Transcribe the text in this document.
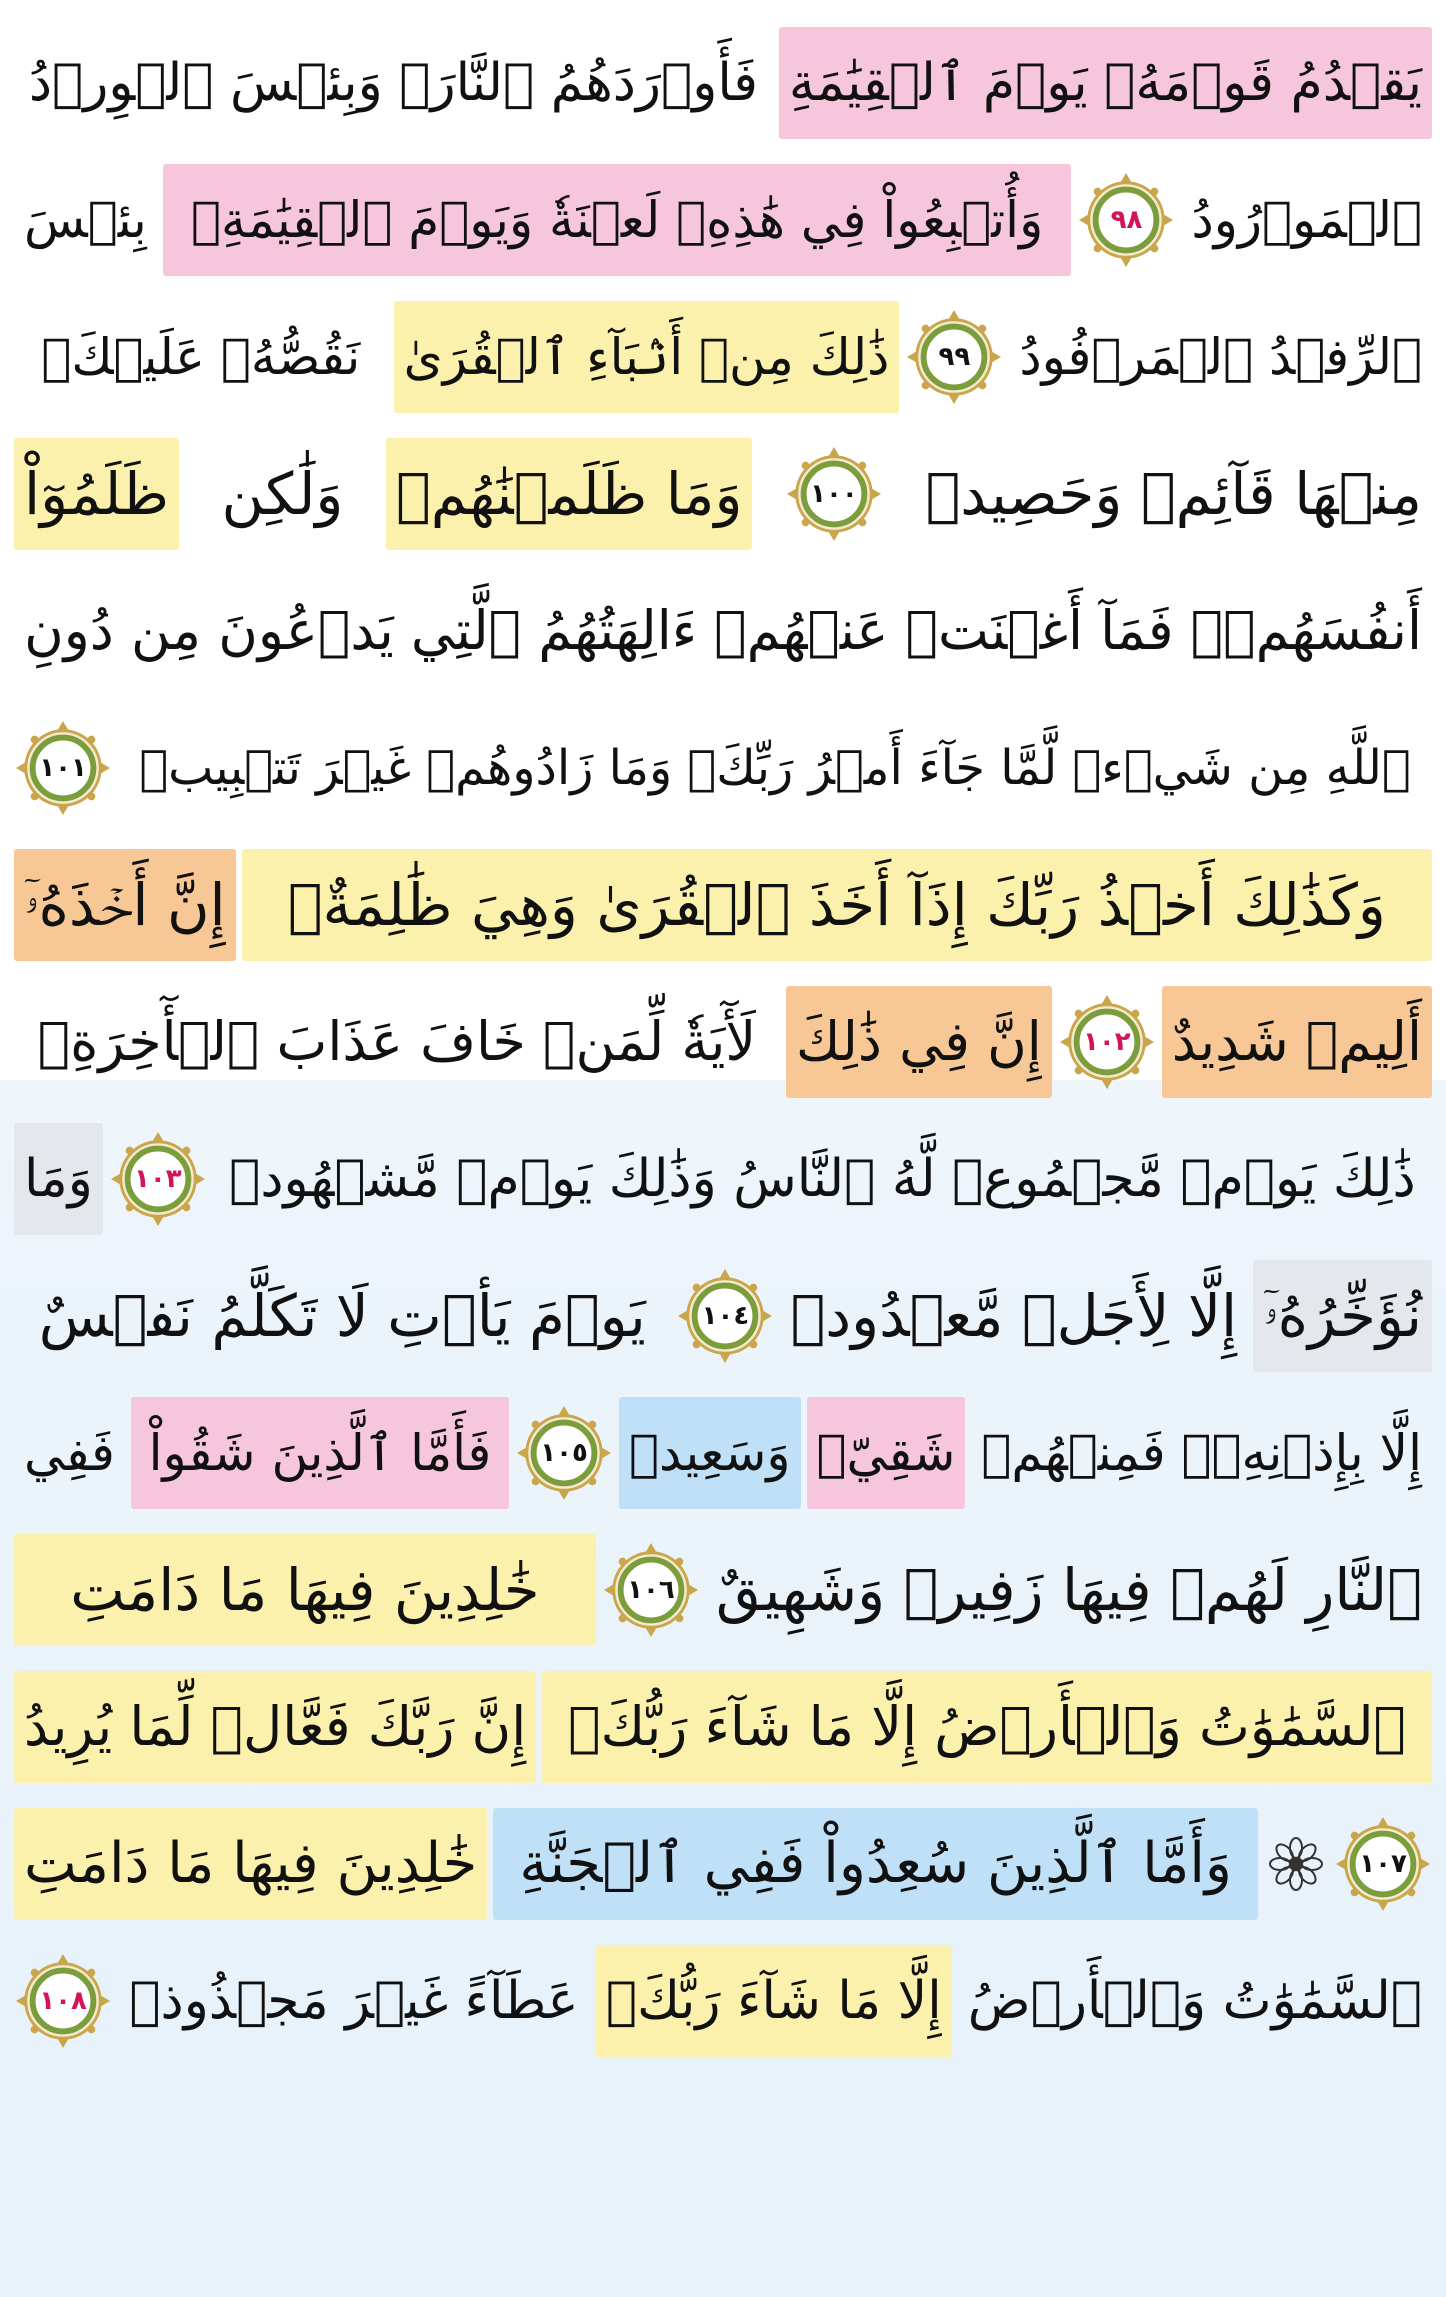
يَقۡدُمُ قَوۡمَهُۥ يَوۡمَ ٱلۡقِيَٰمَةِ
فَأَوۡرَدَهُمُ ٱلنَّارَۖ وَبِئۡسَ ٱلۡوِرۡدُ
ٱلۡمَوۡرُودُ
٩٨
وَأُتۡبِعُواْ فِي هَٰذِهِۦ لَعۡنَةٗ وَيَوۡمَ ٱلۡقِيَٰمَةِۚ
بِئۡسَ
ٱلرِّفۡدُ ٱلۡمَرۡفُودُ
٩٩
ذَٰلِكَ مِنۡ أَنۢبَآءِ ٱلۡقُرَىٰ
نَقُصُّهُۥ عَلَيۡكَۖ
مِنۡهَا قَآئِمٞ وَحَصِيدٞ
١٠٠
وَمَا ظَلَمۡنَٰهُمۡ
وَلَٰكِن
ظَلَمُوٓاْ
أَنفُسَهُمۡۖ فَمَآ أَغۡنَتۡ عَنۡهُمۡ ءَالِهَتُهُمُ ٱلَّتِي يَدۡعُونَ مِن دُونِ
ٱللَّهِ مِن شَيۡءٖ لَّمَّا جَآءَ أَمۡرُ رَبِّكَۖ وَمَا زَادُوهُمۡ غَيۡرَ تَتۡبِيبٖ
١٠١
وَكَذَٰلِكَ أَخۡذُ رَبِّكَ إِذَآ أَخَذَ ٱلۡقُرَىٰ وَهِيَ ظَٰلِمَةٌۚ
إِنَّ أَخۡذَهُۥٓ
أَلِيمٞ شَدِيدٌ
١٠٢
إِنَّ فِي ذَٰلِكَ
لَأٓيَةٗ لِّمَنۡ خَافَ عَذَابَ ٱلۡأٓخِرَةِۚ
ذَٰلِكَ يَوۡمٞ مَّجۡمُوعٞ لَّهُ ٱلنَّاسُ وَذَٰلِكَ يَوۡمٞ مَّشۡهُودٞ
١٠٣
وَمَا
نُؤَخِّرُهُۥٓ
إِلَّا لِأَجَلٖ مَّعۡدُودٖ
١٠٤
يَوۡمَ يَأۡتِ لَا تَكَلَّمُ نَفۡسٌ
إِلَّا بِإِذۡنِهِۦۚ فَمِنۡهُمۡ
شَقِيّٞ
وَسَعِيدٞ
١٠٥
فَأَمَّا ٱلَّذِينَ شَقُواْ
فَفِي
ٱلنَّارِ لَهُمۡ فِيهَا زَفِيرٞ وَشَهِيقٌ
١٠٦
خَٰلِدِينَ فِيهَا مَا دَامَتِ
ٱلسَّمَٰوَٰتُ وَٱلۡأَرۡضُ إِلَّا مَا شَآءَ رَبُّكَۚ
إِنَّ رَبَّكَ فَعَّالٞ لِّمَا يُرِيدُ
١٠٧
وَأَمَّا ٱلَّذِينَ سُعِدُواْ فَفِي ٱلۡجَنَّةِ
خَٰلِدِينَ فِيهَا مَا دَامَتِ
ٱلسَّمَٰوَٰتُ وَٱلۡأَرۡضُ
إِلَّا مَا شَآءَ رَبُّكَۖ
عَطَآءً غَيۡرَ مَجۡذُوذٖ
١٠٨
